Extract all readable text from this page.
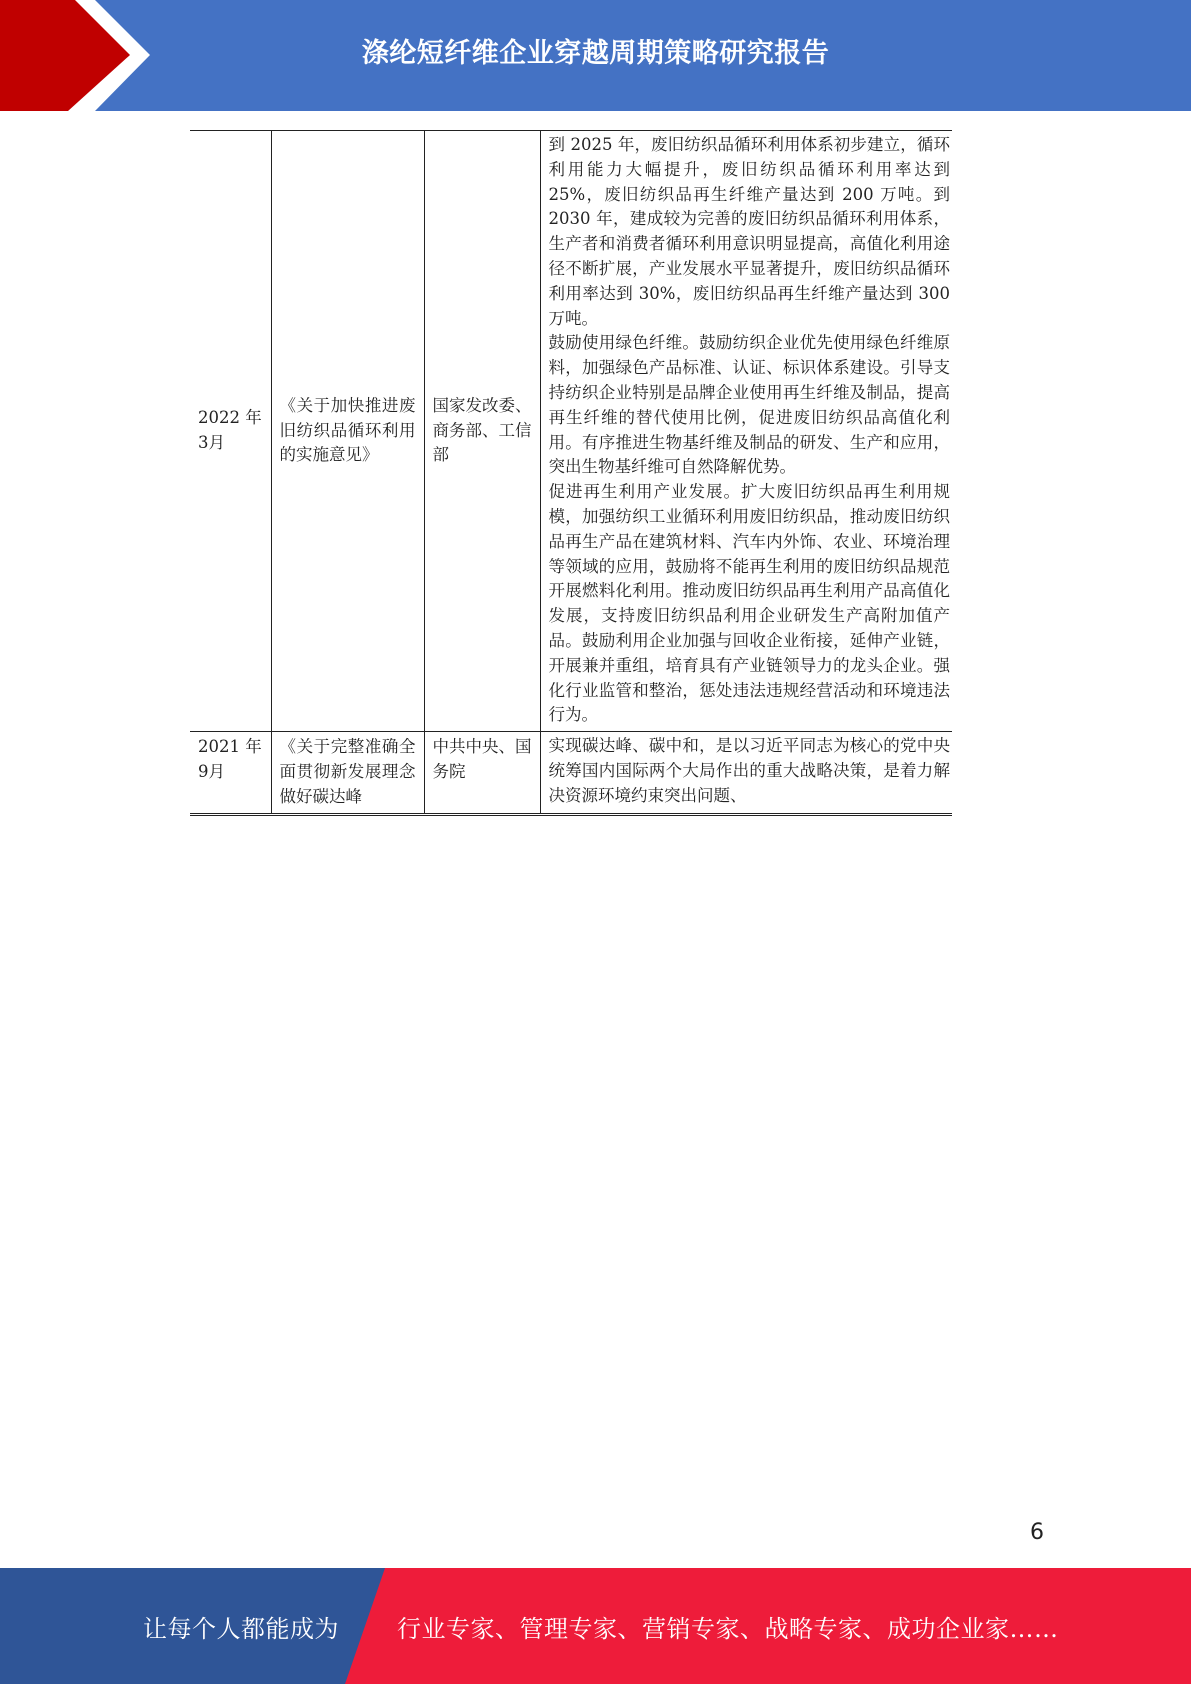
涤纶短纤维企业穿越周期策略研究报告
2022 年 3月	《关于加快推进废旧纺织品循环利用的实施意见》	国家发改委、商务部、工信部	到 2025 年，废旧纺织品循环利用体系初步建立，循环利用能力大幅提升，废旧纺织品循环利用率达到 25%，废旧纺织品再生纤维产量达到 200 万吨。到 2030 年，建成较为完善的废旧纺织品循环利用体系，生产者和消费者循环利用意识明显提高，高值化利用途径不断扩展，产业发展水平显著提升，废旧纺织品循环利用率达到 30%，废旧纺织品再生纤维产量达到 300 万吨。
鼓励使用绿色纤维。鼓励纺织企业优先使用绿色纤维原料，加强绿色产品标准、认证、标识体系建设。引导支持纺织企业特别是品牌企业使用再生纤维及制品，提高再生纤维的替代使用比例，促进废旧纺织品高值化利用。有序推进生物基纤维及制品的研发、生产和应用，突出生物基纤维可自然降解优势。
促进再生利用产业发展。扩大废旧纺织品再生利用规模，加强纺织工业循环利用废旧纺织品，推动废旧纺织品再生产品在建筑材料、汽车内外饰、农业、环境治理等领域的应用，鼓励将不能再生利用的废旧纺织品规范开展燃料化利用。推动废旧纺织品再生利用产品高值化发展，支持废旧纺织品利用企业研发生产高附加值产品。鼓励利用企业加强与回收企业衔接，延伸产业链，开展兼并重组，培育具有产业链领导力的龙头企业。强化行业监管和整治，惩处违法违规经营活动和环境违法行为。

2021 年 9月	《关于完整准确全面贯彻新发展理念做好碳达峰	中共中央、国务院	实现碳达峰、碳中和，是以习近平同志为核心的党中央统筹国内国际两个大局作出的重大战略决策，是着力解决资源环境约束突出问题、
6
让每个人都能成为 行业专家、管理专家、营销专家、战略专家、成功企业家……
